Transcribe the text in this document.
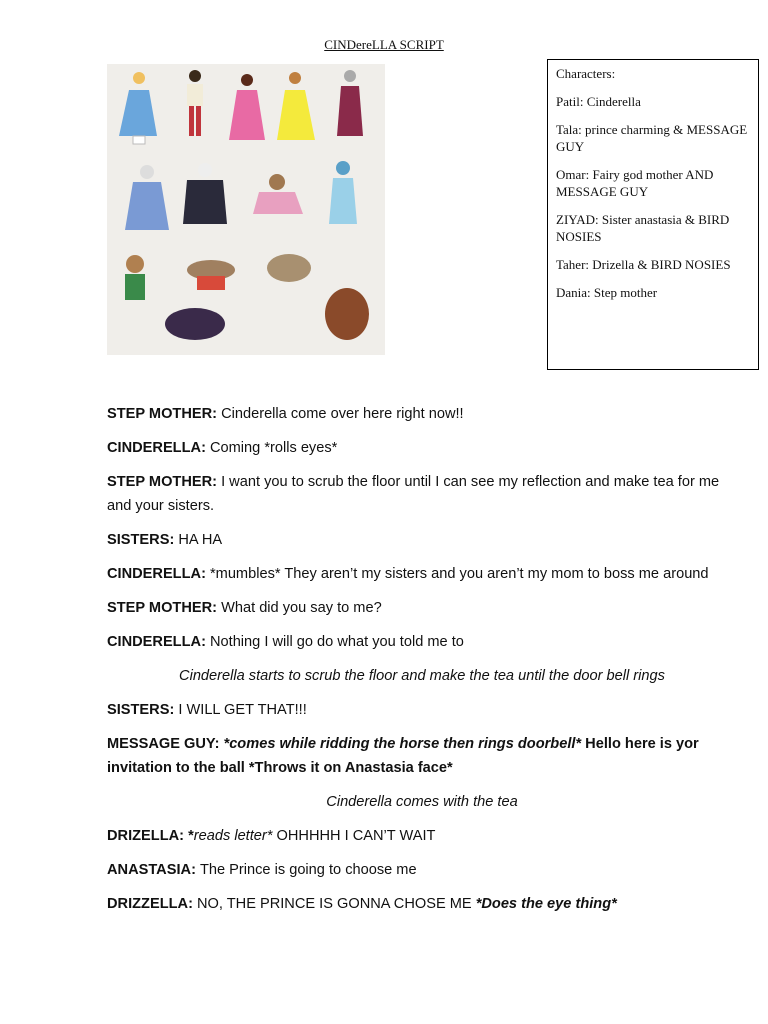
CINDereLLA SCRIPT

Characters:

Patil: Cinderella

Tala: prince charming & MESSAGE GUY

Omar: Fairy god mother AND MESSAGE GUY

ZIYAD: Sister anastasia & BIRD NOSIES

Taher: Drizella & BIRD NOSIES

Dania: Step mother

STEP MOTHER: Cinderella come over here right now!!

CINDERELLA: Coming *rolls eyes*

STEP MOTHER: I want you to scrub the floor until I can see my reflection and make tea for me and your sisters.

SISTERS: HA HA

CINDERELLA: *mumbles* They aren’t my sisters and you aren’t my mom to boss me around

STEP MOTHER: What did you say to me?

CINDERELLA: Nothing I will go do what you told me to

Cinderella starts to scrub the floor and make the tea until the door bell rings

SISTERS: I WILL GET THAT!!!

MESSAGE GUY: *comes while ridding the horse then rings doorbell* Hello here is yor invitation to the ball *Throws it on Anastasia face*

Cinderella comes with the tea

DRIZELLA: *reads letter* OHHHHH I CAN’T WAIT

ANASTASIA: The Prince is going to choose me

DRIZZELLA: NO, THE PRINCE IS GONNA CHOSE ME *Does the eye thing*
